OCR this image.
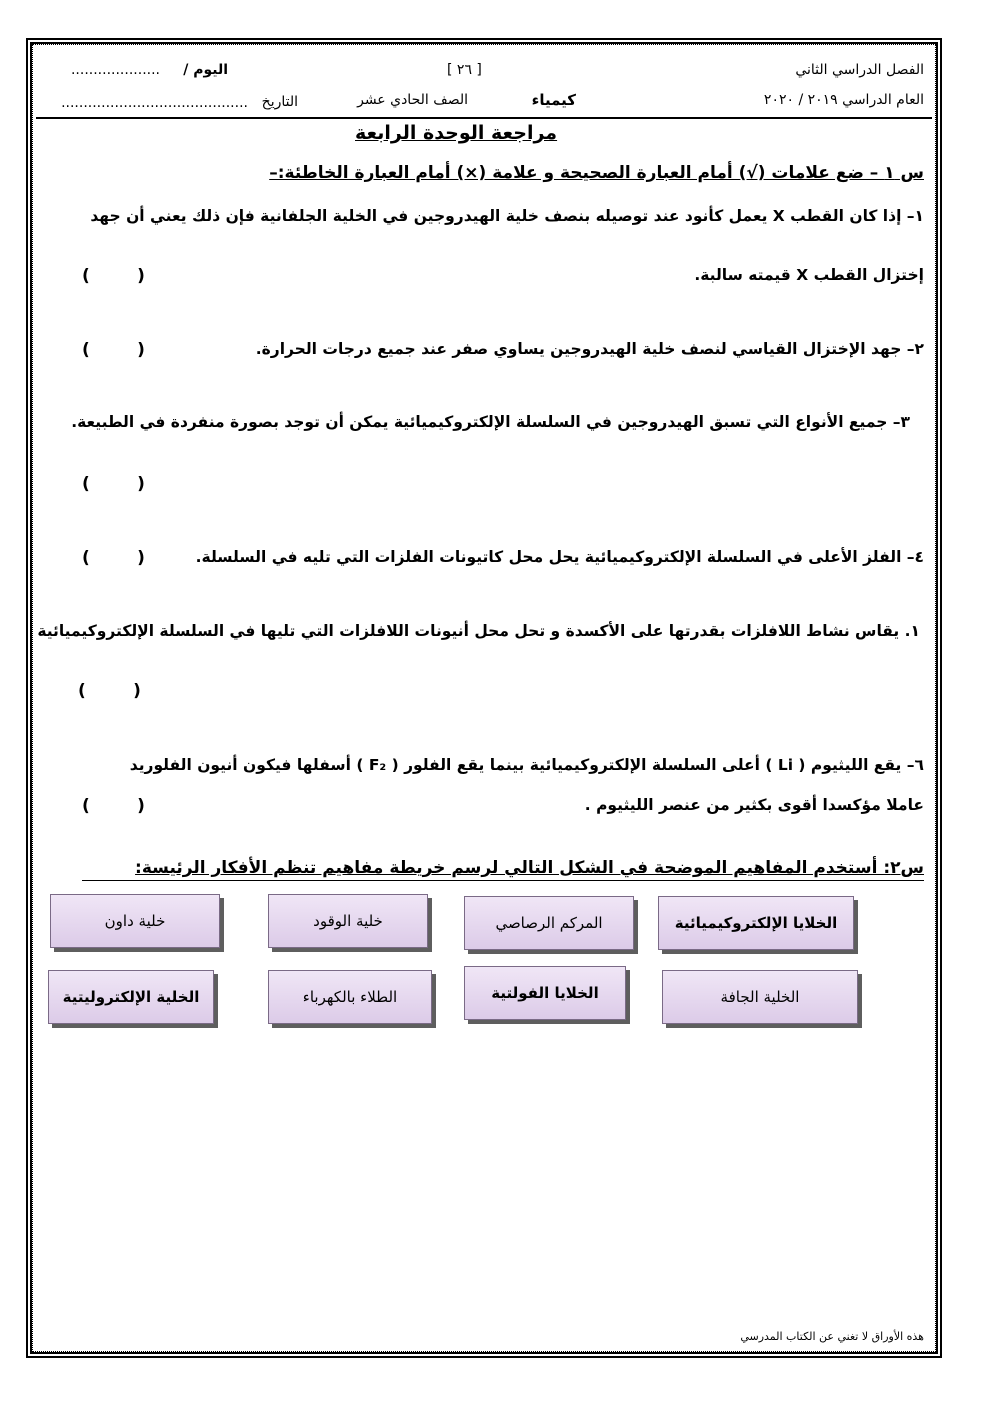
الفصل الدراسي الثاني
العام الدراسي ٢٠١٩ / ٢٠٢٠
[ ٢٦ ]
كيمياء
الصف الحادي عشر
اليوم /
....................
التاريخ
..........................................
مراجعة الوحدة الرابعة
س ١ – ضع علامات (√) أمام العبارة الصحيحة و علامة (×) أمام العبارة الخاطئة:–
١– إذا كان القطب X يعمل كأنود عند توصيله بنصف خلية الهيدروجين في الخلية الجلفانية فإن ذلك يعني أن جهد
إختزال القطب X قيمته سالبة.
(        )
٢– جهد الإختزال القياسي لنصف خلية الهيدروجين يساوي صفر عند جميع درجات الحرارة.
(        )
٣– جميع الأنواع التي تسبق الهيدروجين في السلسلة الإلكتروكيميائية يمكن أن توجد بصورة منفردة في الطبيعة.
(        )
٤– الفلز الأعلى في السلسلة الإلكتروكيميائية يحل محل كاتيونات الفلزات التي تليه في السلسلة.
(        )
١. يقاس نشاط اللافلزات بقدرتها على الأكسدة و تحل محل أنيونات اللافلزات التي تليها في السلسلة الإلكتروكيميائية
(        )
٦– يقع الليثيوم ( Li ) أعلى السلسلة الإلكتروكيميائية بينما يقع الفلور ( F₂ ) أسفلها فيكون أنيون الفلوريد
عاملا مؤكسدا أقوى بكثير من عنصر الليثيوم .
(        )
س٢: أستخدم المفاهيم الموضحة في الشكل التالي لرسم خريطة مفاهيم تنظم الأفكار الرئيسة:
الخلايا الإلكتروكيميائية
المركم الرصاصي
خلية الوقود
خلية داون
الخلية الجافة
الخلايا الفولتية
الطلاء بالكهرباء
الخلية الإلكتروليتية
هذه الأوراق لا تغني عن الكتاب المدرسي
